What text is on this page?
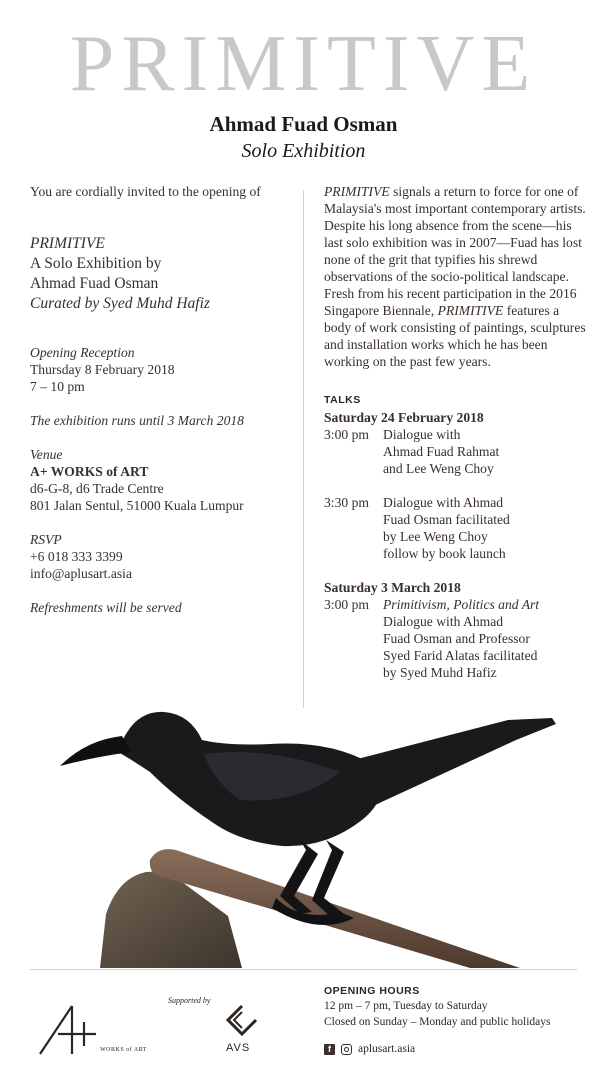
PRIMITIVE
Ahmad Fuad Osman
Solo Exhibition

You are cordially invited to the opening of

PRIMITIVE
A Solo Exhibition by
Ahmad Fuad Osman
Curated by Syed Muhd Hafiz
Opening Reception
Thursday 8 February 2018
7 – 10 pm
The exhibition runs until 3 March 2018
Venue
A+ WORKS of ART
d6-G-8, d6 Trade Centre
801 Jalan Sentul, 51000 Kuala Lumpur
RSVP
+6 018 333 3399
info@aplusart.asia
Refreshments will be served

PRIMITIVE signals a return to force for one of Malaysia's most important contemporary artists. Despite his long absence from the scene—his last solo exhibition was in 2007—Fuad has lost none of the grit that typifies his shrewd observations of the socio-political landscape. Fresh from his recent participation in the 2016 Singapore Biennale, PRIMITIVE features a body of work consisting of paintings, sculptures and installation works which he has been working on the past few years.

TALKS
Saturday 24 February 2018
3:00 pm	Dialogue with
Ahmad Fuad Rahmat
and Lee Weng Choy
3:30 pm	Dialogue with Ahmad
Fuad Osman facilitated
by Lee Weng Choy
follow by book launch
Saturday 3 March 2018
3:00 pm	Primitivism, Politics and Art
Dialogue with Ahmad
Fuad Osman and Professor
Syed Farid Alatas facilitated
by Syed Muhd Hafiz
WORKS of ART
Supported by
AVS
OPENING HOURS
12 pm – 7 pm, Tuesday to Saturday
Closed on Sunday – Monday and public holidays
f	aplusart.asia
